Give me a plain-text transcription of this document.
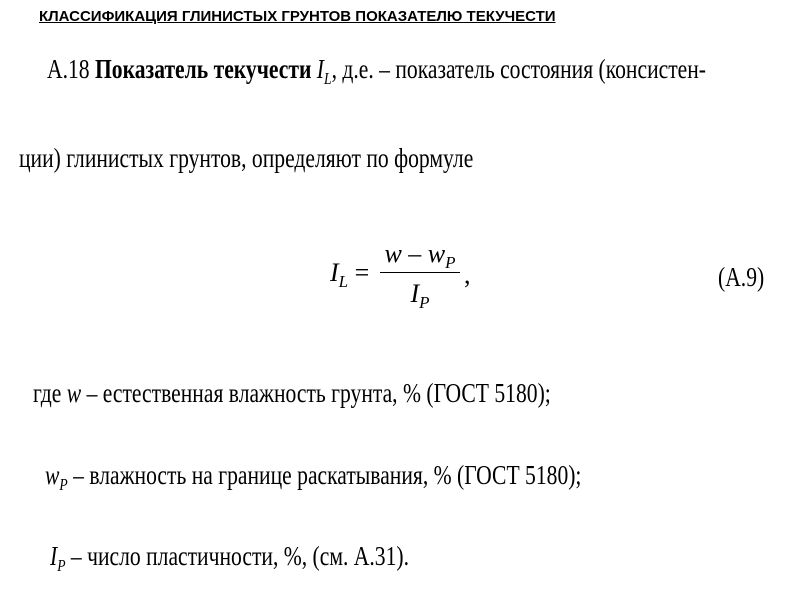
КЛАССИФИКАЦИЯ ГЛИНИСТЫХ ГРУНТОВ ПОКАЗАТЕЛЮ ТЕКУЧЕСТИ
А.18 Показатель текучести $I_L$, д.е. – показатель состояния (консистен-
ции) глинистых грунтов, определяют по формуле
$I_L$ =
w – $w_P$
$I_P$
,	(А.9)
где w – естественная влажность грунта, % (ГОСТ 5180);
$w_P$ – влажность на границе раскатывания, % (ГОСТ 5180);
$I_P$ – число пластичности, %, (см. А.31).
